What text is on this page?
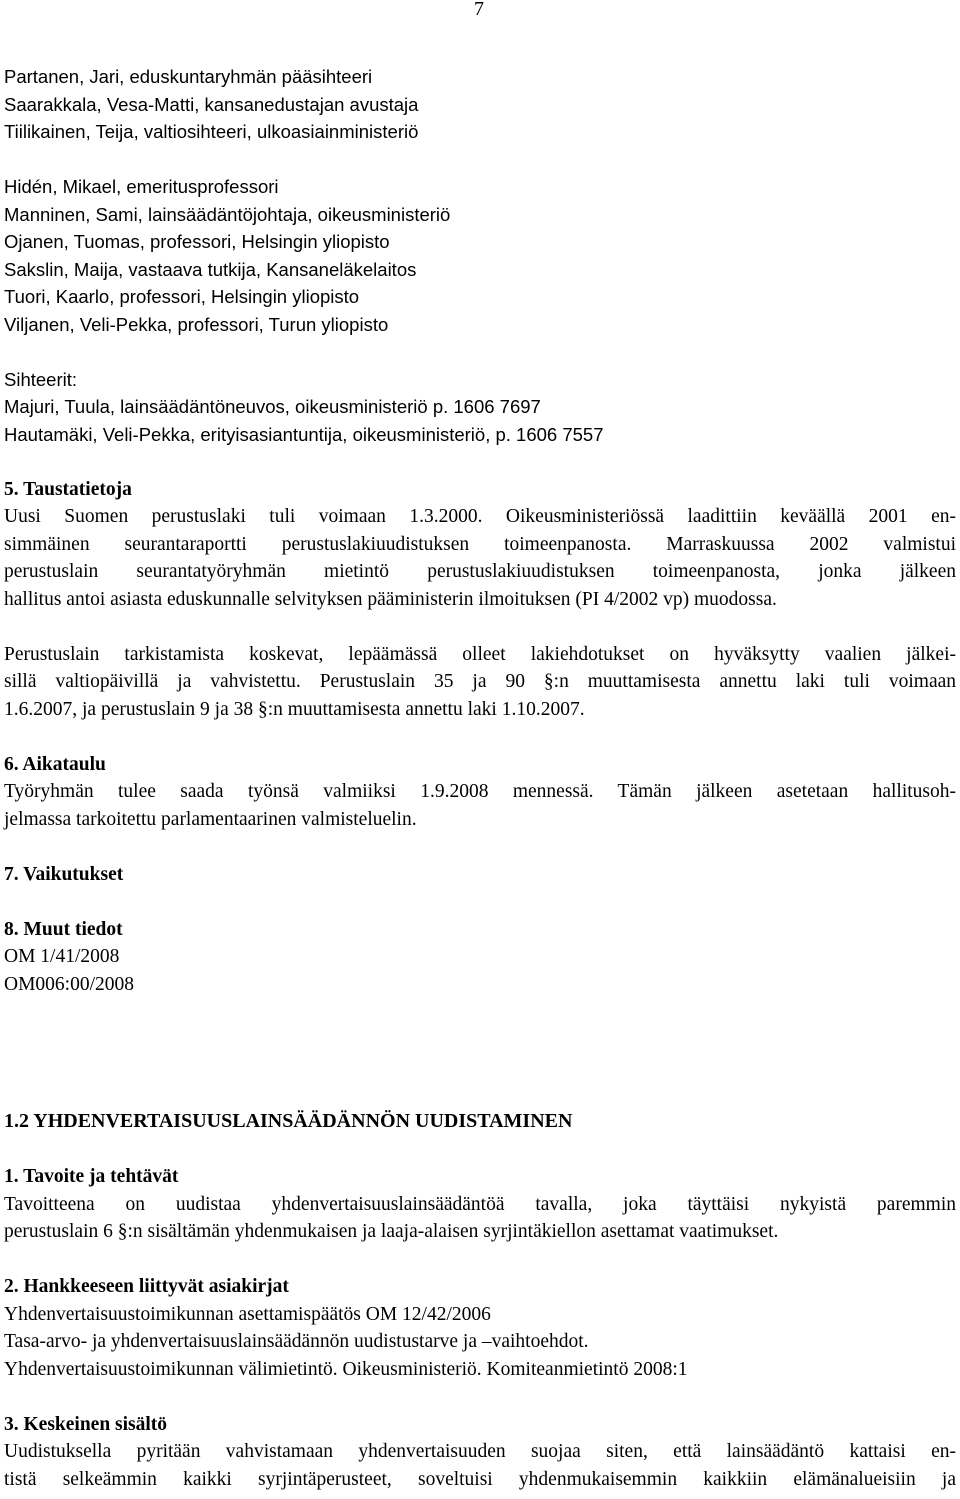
7
Partanen, Jari, eduskuntaryhmän pääsihteeri
Saarakkala, Vesa-Matti, kansanedustajan avustaja
Tiilikainen, Teija, valtiosihteeri, ulkoasiainministeriö
Hidén, Mikael, emeritusprofessori
Manninen, Sami, lainsäädäntöjohtaja, oikeusministeriö
Ojanen, Tuomas, professori, Helsingin yliopisto
Sakslin, Maija, vastaava tutkija, Kansaneläkelaitos
Tuori, Kaarlo, professori, Helsingin yliopisto
Viljanen, Veli-Pekka, professori, Turun yliopisto
Sihteerit:
Majuri, Tuula, lainsäädäntöneuvos, oikeusministeriö p. 1606 7697
Hautamäki, Veli-Pekka, erityisasiantuntija, oikeusministeriö, p. 1606 7557
5. Taustatietoja
Uusi Suomen perustuslaki tuli voimaan 1.3.2000. Oikeusministeriössä laadittiin keväällä 2001 en-
simmäinen seurantaraportti perustuslakiuudistuksen toimeenpanosta. Marraskuussa 2002 valmistui
perustuslain seurantatyöryhmän mietintö perustuslakiuudistuksen toimeenpanosta, jonka jälkeen
hallitus antoi asiasta eduskunnalle selvityksen pääministerin ilmoituksen (PI 4/2002 vp) muodossa.
Perustuslain tarkistamista koskevat, lepäämässä olleet lakiehdotukset on hyväksytty vaalien jälkei-
sillä valtiopäivillä ja vahvistettu. Perustuslain 35 ja 90 §:n muuttamisesta annettu laki tuli voimaan
1.6.2007, ja perustuslain 9 ja 38 §:n muuttamisesta annettu laki 1.10.2007.
6. Aikataulu
Työryhmän tulee saada työnsä valmiiksi 1.9.2008 mennessä. Tämän jälkeen asetetaan hallitusoh-
jelmassa tarkoitettu parlamentaarinen valmisteluelin.
7. Vaikutukset
8. Muut tiedot
OM 1/41/2008
OM006:00/2008
1.2 YHDENVERTAISUUSLAINSÄÄDÄNNÖN UUDISTAMINEN
1. Tavoite ja tehtävät
Tavoitteena on uudistaa yhdenvertaisuuslainsäädäntöä tavalla, joka täyttäisi nykyistä paremmin
perustuslain 6 §:n sisältämän yhdenmukaisen ja laaja-alaisen syrjintäkiellon asettamat vaatimukset.
2. Hankkeeseen liittyvät asiakirjat
Yhdenvertaisuustoimikunnan asettamispäätös OM 12/42/2006
Tasa-arvo- ja yhdenvertaisuuslainsäädännön uudistustarve ja –vaihtoehdot.
Yhdenvertaisuustoimikunnan välimietintö. Oikeusministeriö. Komiteanmietintö 2008:1
3. Keskeinen sisältö
Uudistuksella pyritään vahvistamaan yhdenvertaisuuden suojaa siten, että lainsäädäntö kattaisi en-
tistä selkeämmin kaikki syrjintäperusteet, soveltuisi yhdenmukaisemmin kaikkiin elämänalueisiin ja
